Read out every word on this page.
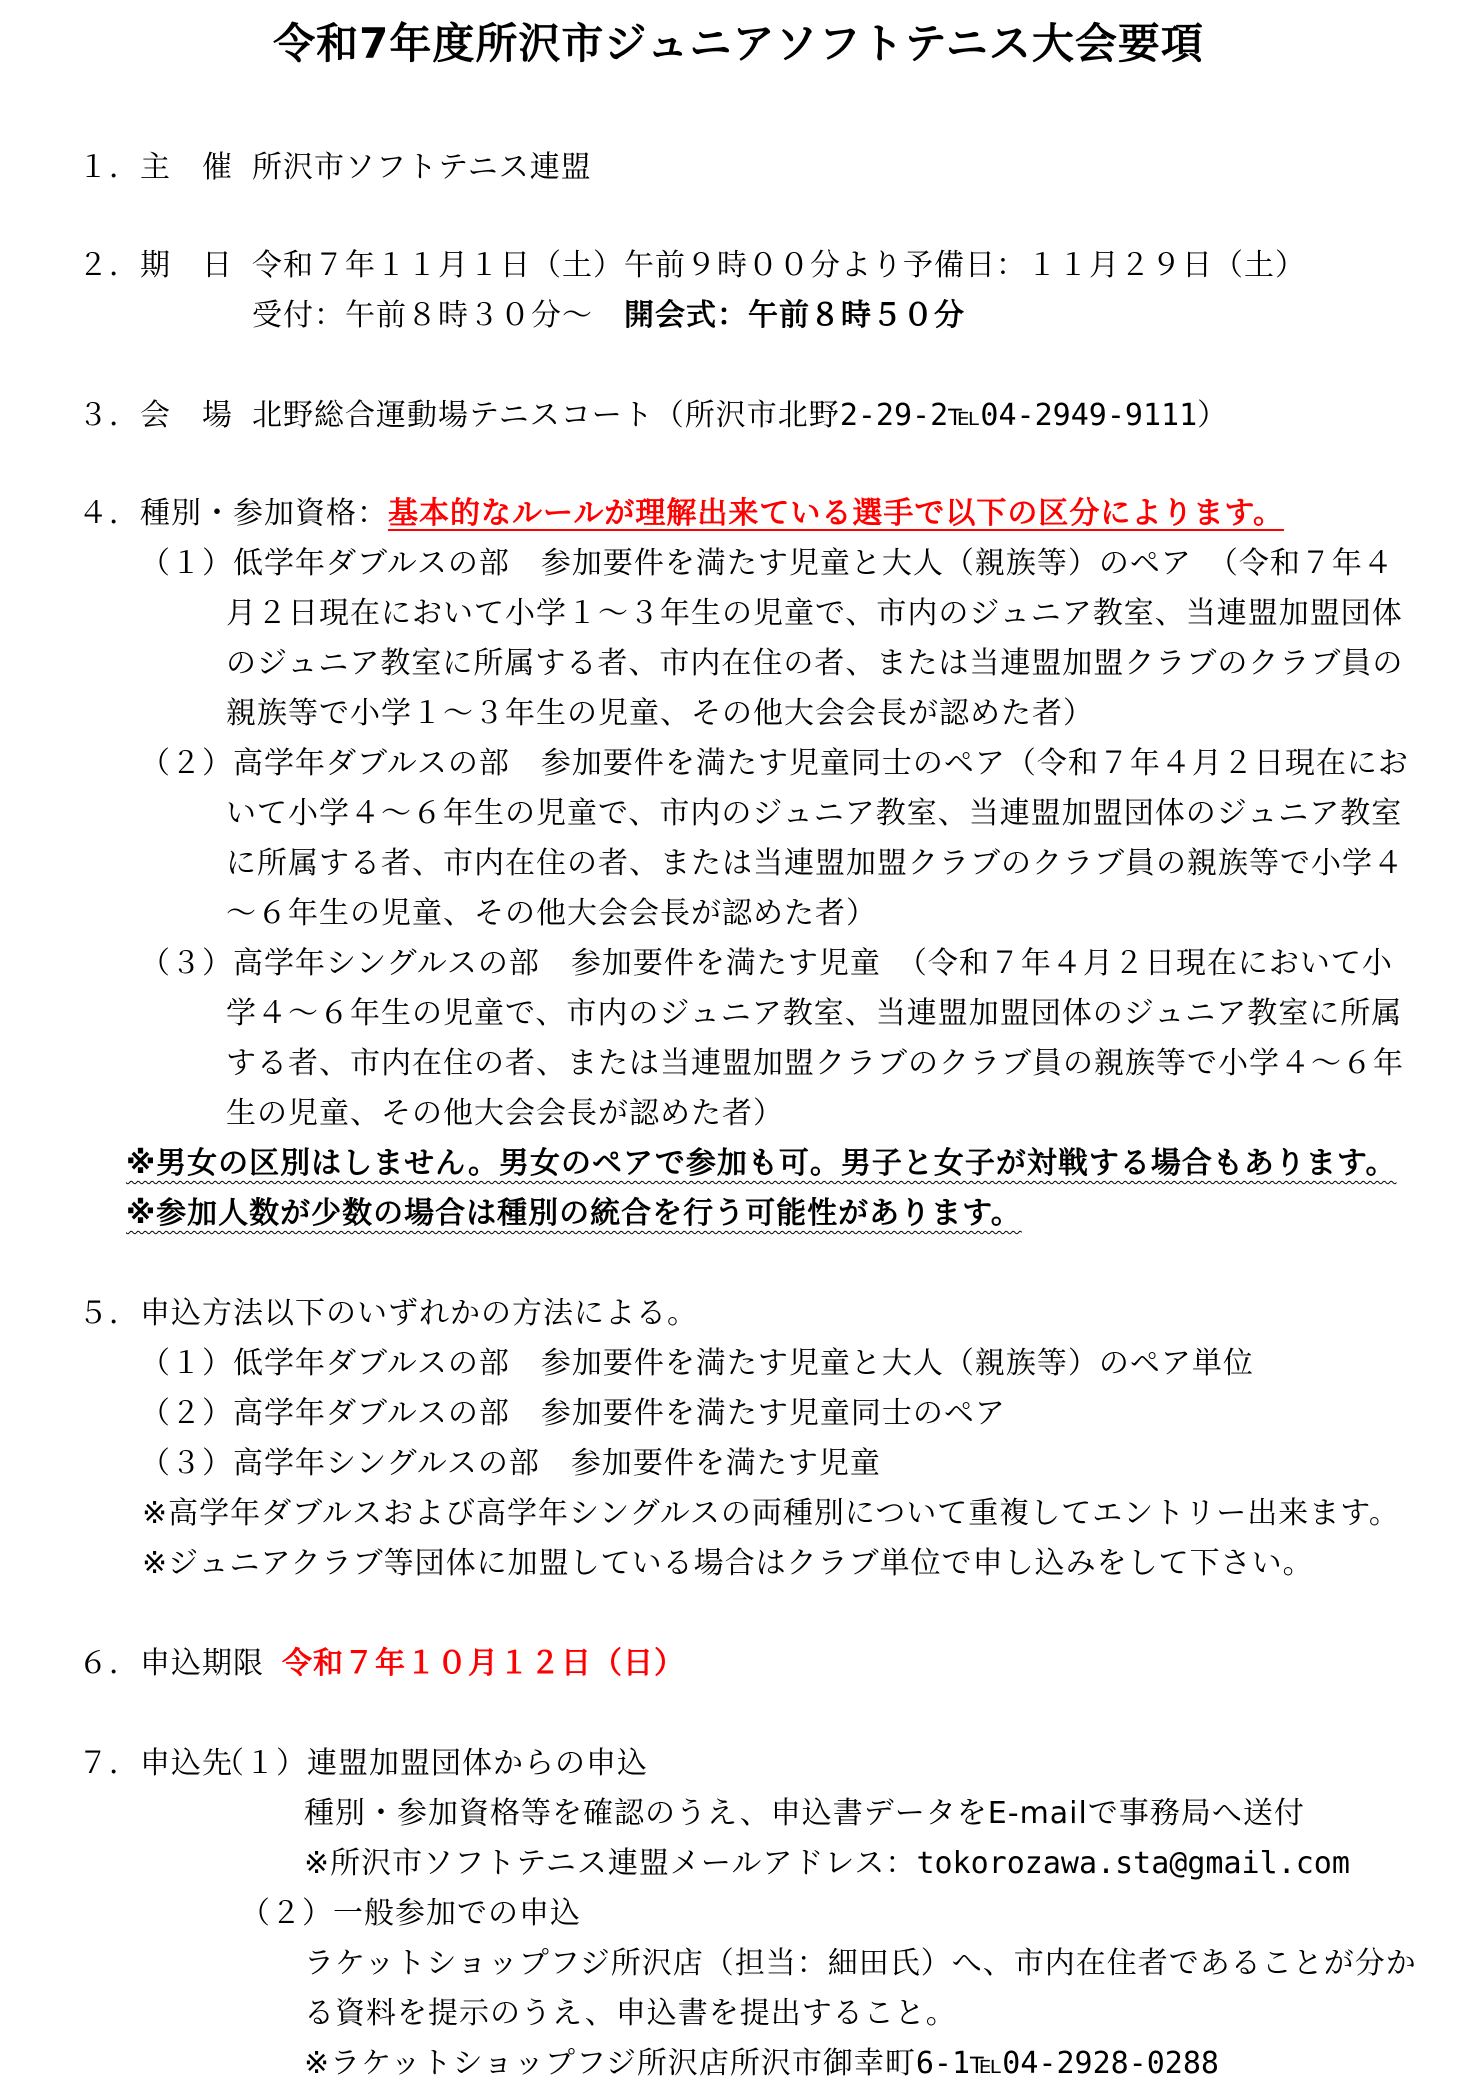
令和7年度所沢市ジュニアソフトテニス大会要項
１．主　催 所沢市ソフトテニス連盟
２．期　日 令和７年１１月１日（土）午前９時００分より予備日：１１月２９日（土）
受付：午前８時３０分〜　開会式：午前８時５０分
３．会　場 北野総合運動場テニスコート（所沢市北野2-29-2℡04-2949-9111）
４．種別・参加資格：基本的なルールが理解出来ている選手で以下の区分によります。
（１）低学年ダブルスの部　参加要件を満たす児童と大人（親族等）のペア　（令和７年４
月２日現在において小学１〜３年生の児童で、市内のジュニア教室、当連盟加盟団体
のジュニア教室に所属する者、市内在住の者、または当連盟加盟クラブのクラブ員の
親族等で小学１〜３年生の児童、その他大会会長が認めた者）
（２）高学年ダブルスの部　参加要件を満たす児童同士のペア（令和７年４月２日現在にお
いて小学４〜６年生の児童で、市内のジュニア教室、当連盟加盟団体のジュニア教室
に所属する者、市内在住の者、または当連盟加盟クラブのクラブ員の親族等で小学４
〜６年生の児童、その他大会会長が認めた者）
（３）高学年シングルスの部　参加要件を満たす児童　（令和７年４月２日現在において小
学４〜６年生の児童で、市内のジュニア教室、当連盟加盟団体のジュニア教室に所属
する者、市内在住の者、または当連盟加盟クラブのクラブ員の親族等で小学４〜６年
生の児童、その他大会会長が認めた者）
※男女の区別はしません。男女のペアで参加も可。男子と女子が対戦する場合もあります。
※参加人数が少数の場合は種別の統合を行う可能性があります。
５．申込方法以下のいずれかの方法による。
（１）低学年ダブルスの部　参加要件を満たす児童と大人（親族等）のペア単位
（２）高学年ダブルスの部　参加要件を満たす児童同士のペア
（３）高学年シングルスの部　参加要件を満たす児童
※高学年ダブルスおよび高学年シングルスの両種別について重複してエントリー出来ます。
※ジュニアクラブ等団体に加盟している場合はクラブ単位で申し込みをして下さい。
６．申込期限 令和７年１０月１２日（日）
７．申込先
（１）連盟加盟団体からの申込
種別・参加資格等を確認のうえ、申込書データをE-mailで事務局へ送付
※所沢市ソフトテニス連盟メールアドレス：tokorozawa.sta@gmail.com
（２）一般参加での申込
ラケットショップフジ所沢店（担当：細田氏）へ、市内在住者であることが分か
る資料を提示のうえ、申込書を提出すること。
※ラケットショップフジ所沢店所沢市御幸町6-1℡04-2928-0288
